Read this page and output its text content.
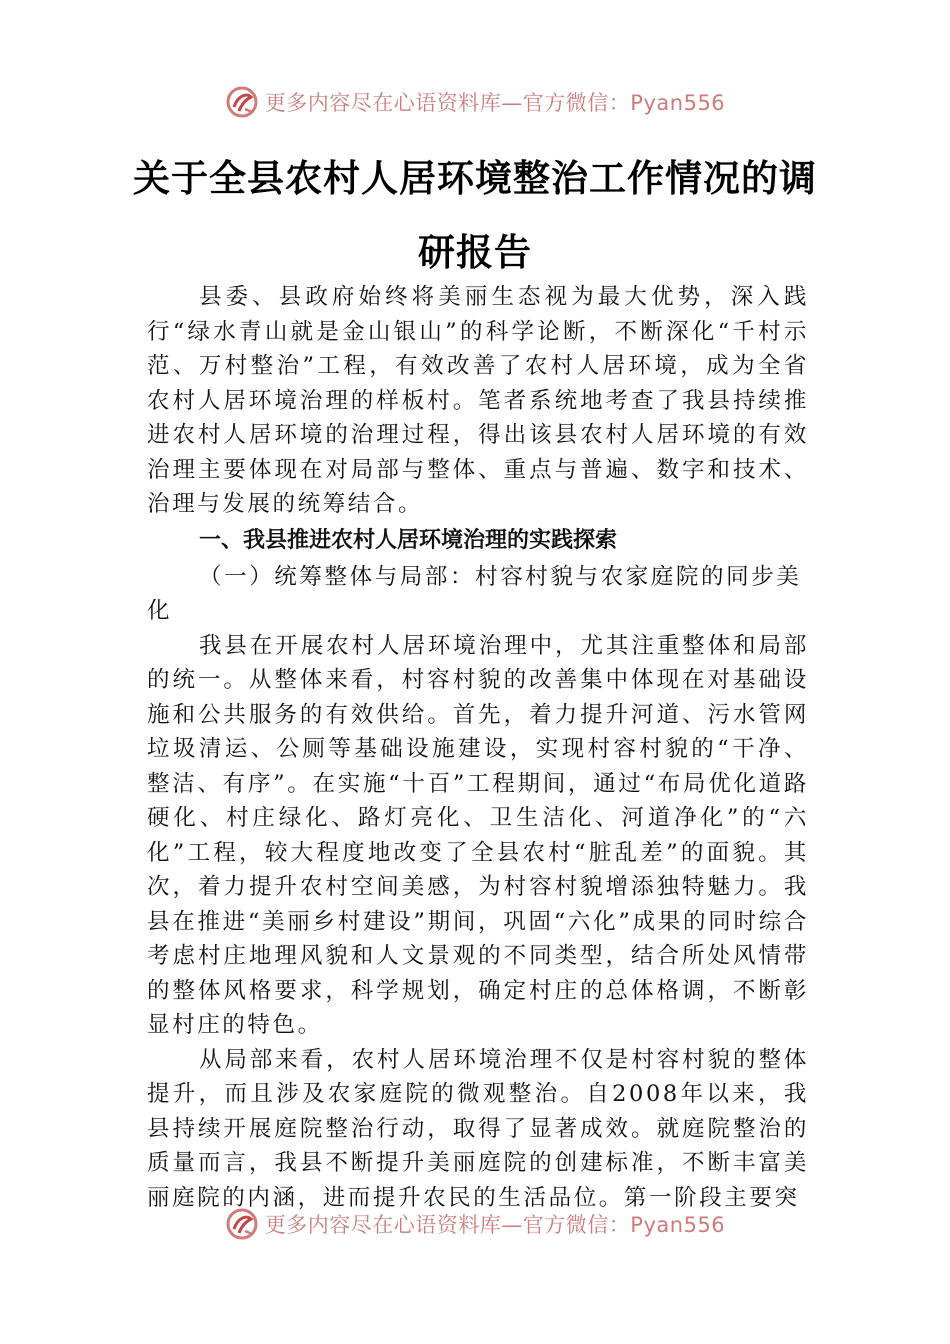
更多内容尽在心语资料库—官方微信：Pyan556
关于全县农村人居环境整治工作情况的调
研报告

县委、县政府始终将美丽生态视为最大优势，深入践行“绿水青山就是金山银山”的科学论断，不断深化“千村示范、万村整治”工程，有效改善了农村人居环境，成为全省农村人居环境治理的样板村。笔者系统地考查了我县持续推进农村人居环境的治理过程，得出该县农村人居环境的有效治理主要体现在对局部与整体、重点与普遍、数字和技术、治理与发展的统筹结合。

一、我县推进农村人居环境治理的实践探索

（一）统筹整体与局部：村容村貌与农家庭院的同步美化

我县在开展农村人居环境治理中，尤其注重整体和局部的统一。从整体来看，村容村貌的改善集中体现在对基础设施和公共服务的有效供给。首先，着力提升河道、污水管网垃圾清运、公厕等基础设施建设，实现村容村貌的“干净、整洁、有序”。在实施“十百”工程期间，通过“布局优化道路硬化、村庄绿化、路灯亮化、卫生洁化、河道净化”的“六化”工程，较大程度地改变了全县农村“脏乱差”的面貌。其次，着力提升农村空间美感，为村容村貌增添独特魅力。我县在推进“美丽乡村建设”期间，巩固“六化”成果的同时综合考虑村庄地理风貌和人文景观的不同类型，结合所处风情带的整体风格要求，科学规划，确定村庄的总体格调，不断彰显村庄的特色。

从局部来看，农村人居环境治理不仅是村容村貌的整体提升，而且涉及农家庭院的微观整治。自2008年以来，我县持续开展庭院整治行动，取得了显著成效。就庭院整治的质量而言，我县不断提升美丽庭院的创建标准，不断丰富美丽庭院的内涵，进而提升农民的生活品位。第一阶段主要突

更多内容尽在心语资料库—官方微信：Pyan556
